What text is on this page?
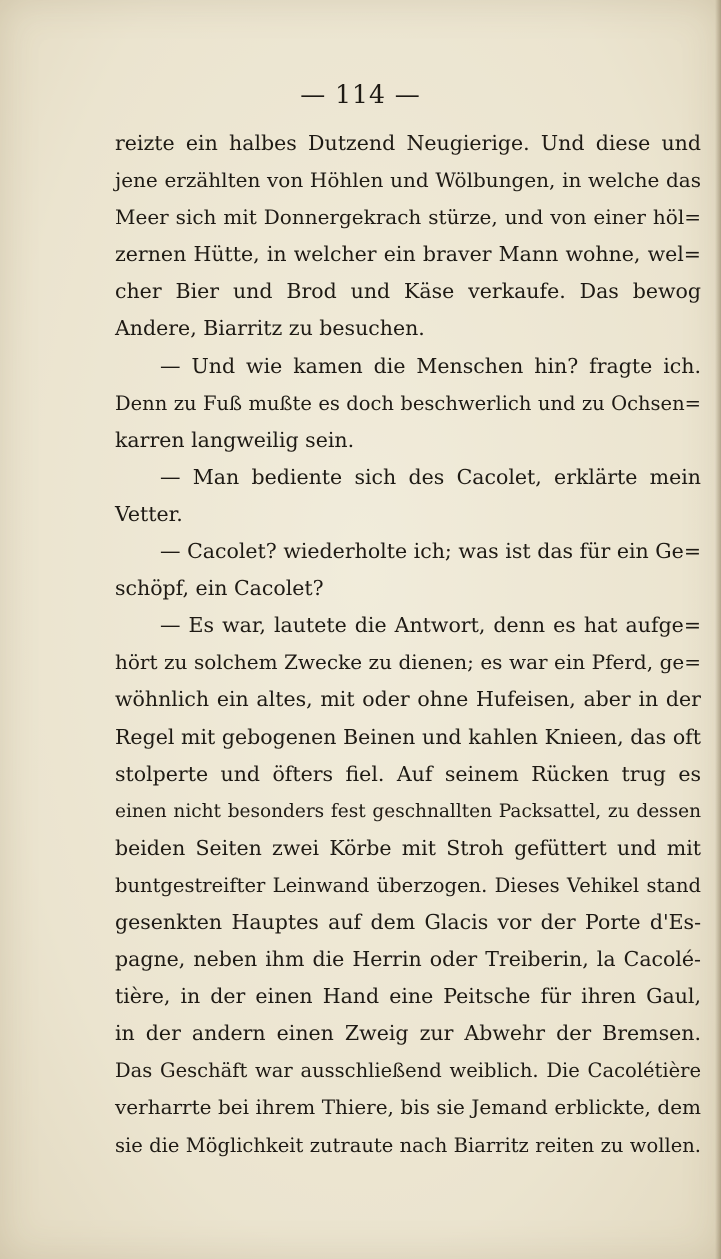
— 114 —
reizte ein halbes Dutzend Neugierige. Und diese und
jene erzählten von Höhlen und Wölbungen, in welche das
Meer sich mit Donnergekrach stürze, und von einer höl=
zernen Hütte, in welcher ein braver Mann wohne, wel=
cher Bier und Brod und Käse verkaufe. Das bewog
Andere, Biarritz zu besuchen.
— Und wie kamen die Menschen hin? fragte ich.
Denn zu Fuß mußte es doch beschwerlich und zu Ochsen=
karren langweilig sein.
— Man bediente sich des Cacolet, erklärte mein
Vetter.
— Cacolet? wiederholte ich; was ist das für ein Ge=
schöpf, ein Cacolet?
— Es war, lautete die Antwort, denn es hat aufge=
hört zu solchem Zwecke zu dienen; es war ein Pferd, ge=
wöhnlich ein altes, mit oder ohne Hufeisen, aber in der
Regel mit gebogenen Beinen und kahlen Knieen, das oft
stolperte und öfters fiel. Auf seinem Rücken trug es
einen nicht besonders fest geschnallten Packsattel, zu dessen
beiden Seiten zwei Körbe mit Stroh gefüttert und mit
buntgestreifter Leinwand überzogen. Dieses Vehikel stand
gesenkten Hauptes auf dem Glacis vor der Porte d'Es-
pagne, neben ihm die Herrin oder Treiberin, la Cacolé-
tière, in der einen Hand eine Peitsche für ihren Gaul,
in der andern einen Zweig zur Abwehr der Bremsen.
Das Geschäft war ausschließend weiblich. Die Cacolétière
verharrte bei ihrem Thiere, bis sie Jemand erblickte, dem
sie die Möglichkeit zutraute nach Biarritz reiten zu wollen.
